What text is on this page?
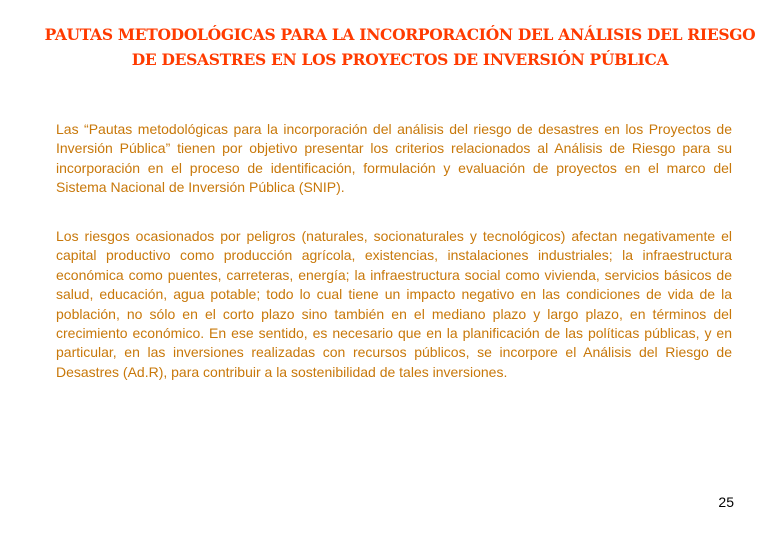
PAUTAS METODOLÓGICAS PARA LA INCORPORACIÓN DEL ANÁLISIS DEL RIESGO
DE DESASTRES EN LOS PROYECTOS DE INVERSIÓN PÚBLICA

Las “Pautas metodológicas para la incorporación del análisis del riesgo de desastres en los Proyectos de Inversión Pública” tienen por objetivo presentar los criterios relacionados al Análisis de Riesgo para su incorporación en el proceso de identificación, formulación y evaluación de proyectos en el marco del Sistema Nacional de Inversión Pública (SNIP).

Los riesgos ocasionados por peligros (naturales, socionaturales y tecnológicos) afectan negativamente el capital productivo como producción agrícola, existencias, instalaciones industriales; la infraestructura económica como puentes, carreteras, energía; la infraestructura social como vivienda, servicios básicos de salud, educación, agua potable; todo lo cual tiene un impacto negativo en las condiciones de vida de la población, no sólo en el corto plazo sino también en el mediano plazo y largo plazo, en términos del crecimiento económico. En ese sentido, es necesario que en la planificación de las políticas públicas, y en particular, en las inversiones realizadas con recursos públicos, se incorpore el Análisis del Riesgo de Desastres (Ad.R), para contribuir a la sostenibilidad de tales inversiones.

25
